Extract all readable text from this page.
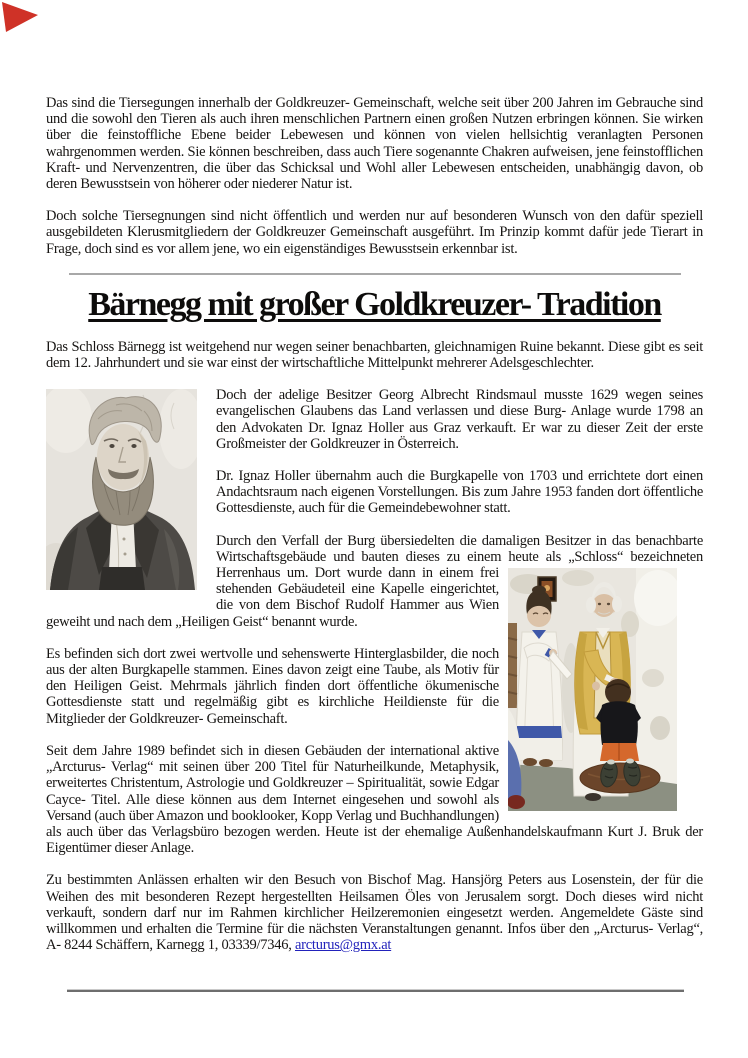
Das sind die Tiersegungen innerhalb der Goldkreuzer- Gemeinschaft, welche seit über 200 Jahren im Gebrauche sind und die sowohl den Tieren als auch ihren menschlichen Partnern einen großen Nutzen erbringen können. Sie wirken über die feinstoffliche Ebene beider Lebewesen und können von vielen hellsichtig veranlagten Personen wahrgenommen werden. Sie können beschreiben, dass auch Tiere sogenannte Chakren aufweisen, jene feinstofflichen Kraft- und Nervenzentren, die über das Schicksal und Wohl aller Lebewesen entscheiden, unabhängig davon, ob deren Bewusstsein von höherer oder niederer Natur ist.

Doch solche Tiersegnungen sind nicht öffentlich und werden nur auf besonderen Wunsch von den dafür speziell ausgebildeten Klerusmitgliedern der Goldkreuzer Gemeinschaft ausgeführt. Im Prinzip kommt dafür jede Tierart in Frage, doch sind es vor allem jene, wo ein eigenständiges Bewusstsein erkennbar ist.

Bärnegg mit großer Goldkreuzer- Tradition

Das Schloss Bärnegg ist weitgehend nur wegen seiner benachbarten, gleichnamigen Ruine bekannt. Diese gibt es seit dem 12. Jahrhundert und sie war einst der wirtschaftliche Mittelpunkt mehrerer Adelsgeschlechter.

Doch der adelige Besitzer Georg Albrecht Rindsmaul musste 1629 wegen seines evangelischen Glaubens das Land verlassen und diese Burg- Anlage wurde 1798 an den Advokaten Dr. Ignaz Holler aus Graz verkauft. Er war zu dieser Zeit der erste Großmeister der Goldkreuzer in Österreich.

Dr. Ignaz Holler übernahm auch die Burgkapelle von 1703 und errichtete dort einen Andachtsraum nach eigenen Vorstellungen. Bis zum Jahre 1953 fanden dort öffentliche Gottesdienste, auch für die Gemeindebewohner statt.

Durch den Verfall der Burg übersiedelten die damaligen Besitzer in das benachbarte Wirtschaftsgebäude und bauten dieses zu einem heute als „Schloss“ bezeichneten
Herrenhaus um. Dort wurde dann in einem frei stehenden Gebäudeteil eine Kapelle eingerichtet, die von dem Bischof Rudolf Hammer aus Wien geweiht und nach dem „Heiligen Geist“ benannt wurde.

Es befinden sich dort zwei wertvolle und sehenswerte Hinterglasbilder, die noch aus der alten Burgkapelle stammen. Eines davon zeigt eine Taube, als Motiv für den Heiligen Geist. Mehrmals jährlich finden dort öffentliche ökumenische Gottesdienste statt und regelmäßig gibt es kirchliche Heildienste für die Mitglieder der Goldkreuzer- Gemeinschaft.

Seit dem Jahre 1989 befindet sich in diesen Gebäuden der international aktive „Arcturus- Verlag“ mit seinen über 200 Titel für Naturheilkunde, Metaphysik, erweitertes Christentum, Astrologie und Goldkreuzer – Spiritualität, sowie Edgar Cayce- Titel. Alle diese können aus dem Internet eingesehen und sowohl als Versand (auch über Amazon und booklooker, Kopp Verlag und Buchhandlungen) als auch über das Verlagsbüro bezogen werden. Heute ist der ehemalige Außenhandelskaufmann Kurt J. Bruk der Eigentümer dieser Anlage.

Zu bestimmten Anlässen erhalten wir den Besuch von Bischof Mag. Hansjörg Peters aus Losenstein, der für die Weihen des mit besonderen Rezept hergestellten Heilsamen Öles von Jerusalem sorgt. Doch dieses wird nicht verkauft, sondern darf nur im Rahmen kirchlicher Heilzeremonien eingesetzt werden. Angemeldete Gäste sind willkommen und erhalten die Termine für die nächsten Veranstaltungen genannt. Infos über den „Arcturus- Verlag“, A- 8244 Schäffern, Karnegg 1, 03339/7346, arcturus@gmx.at
